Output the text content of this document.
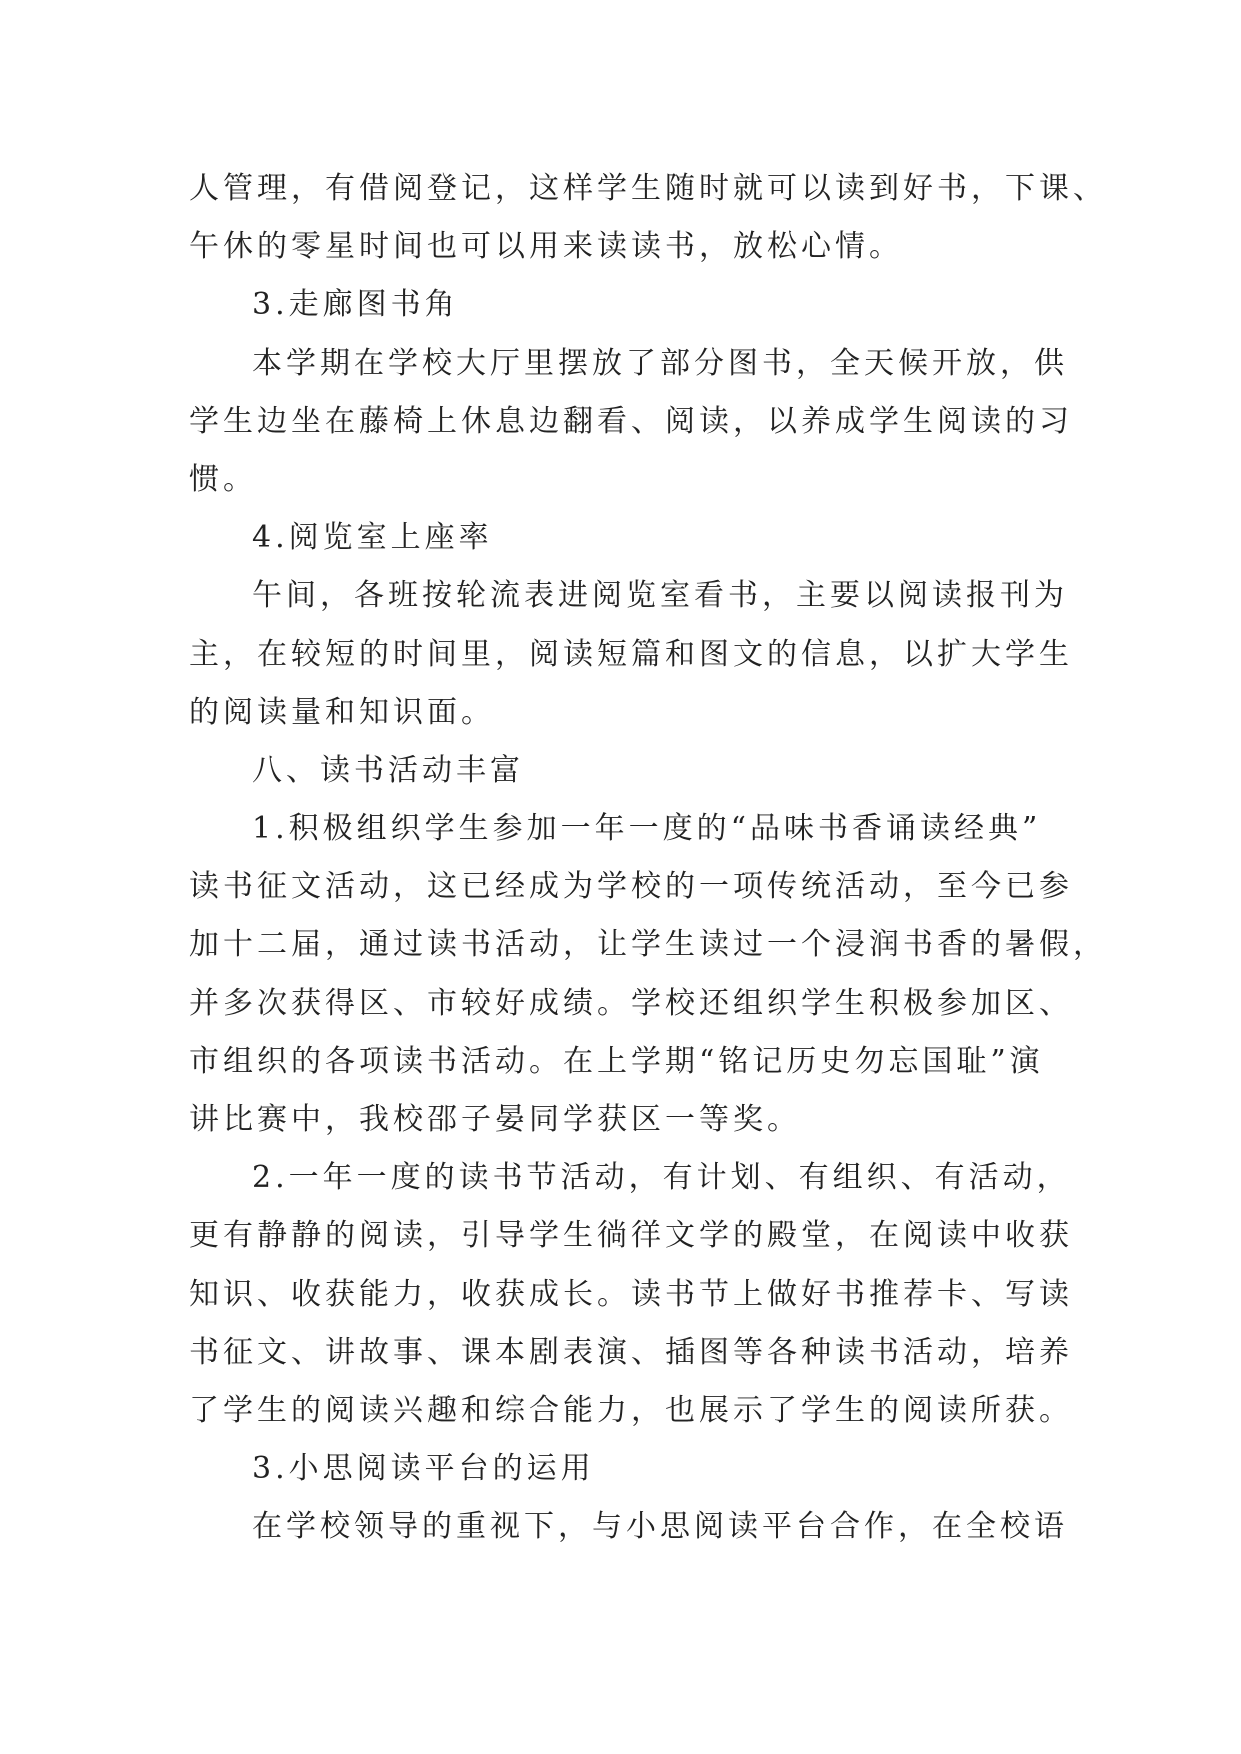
人管理，有借阅登记，这样学生随时就可以读到好书，下课、
午休的零星时间也可以用来读读书，放松心情。
3.走廊图书角
本学期在学校大厅里摆放了部分图书，全天候开放，供
学生边坐在藤椅上休息边翻看、阅读，以养成学生阅读的习
惯。
4.阅览室上座率
午间，各班按轮流表进阅览室看书，主要以阅读报刊为
主，在较短的时间里，阅读短篇和图文的信息，以扩大学生
的阅读量和知识面。
八、读书活动丰富
1.积极组织学生参加一年一度的“品味书香诵读经典”
读书征文活动，这已经成为学校的一项传统活动，至今已参
加十二届，通过读书活动，让学生读过一个浸润书香的暑假，
并多次获得区、市较好成绩。学校还组织学生积极参加区、
市组织的各项读书活动。在上学期“铭记历史勿忘国耻”演
讲比赛中，我校邵子晏同学获区一等奖。
2.一年一度的读书节活动，有计划、有组织、有活动，
更有静静的阅读，引导学生徜徉文学的殿堂，在阅读中收获
知识、收获能力，收获成长。读书节上做好书推荐卡、写读
书征文、讲故事、课本剧表演、插图等各种读书活动，培养
了学生的阅读兴趣和综合能力，也展示了学生的阅读所获。
3.小思阅读平台的运用
在学校领导的重视下，与小思阅读平台合作，在全校语
